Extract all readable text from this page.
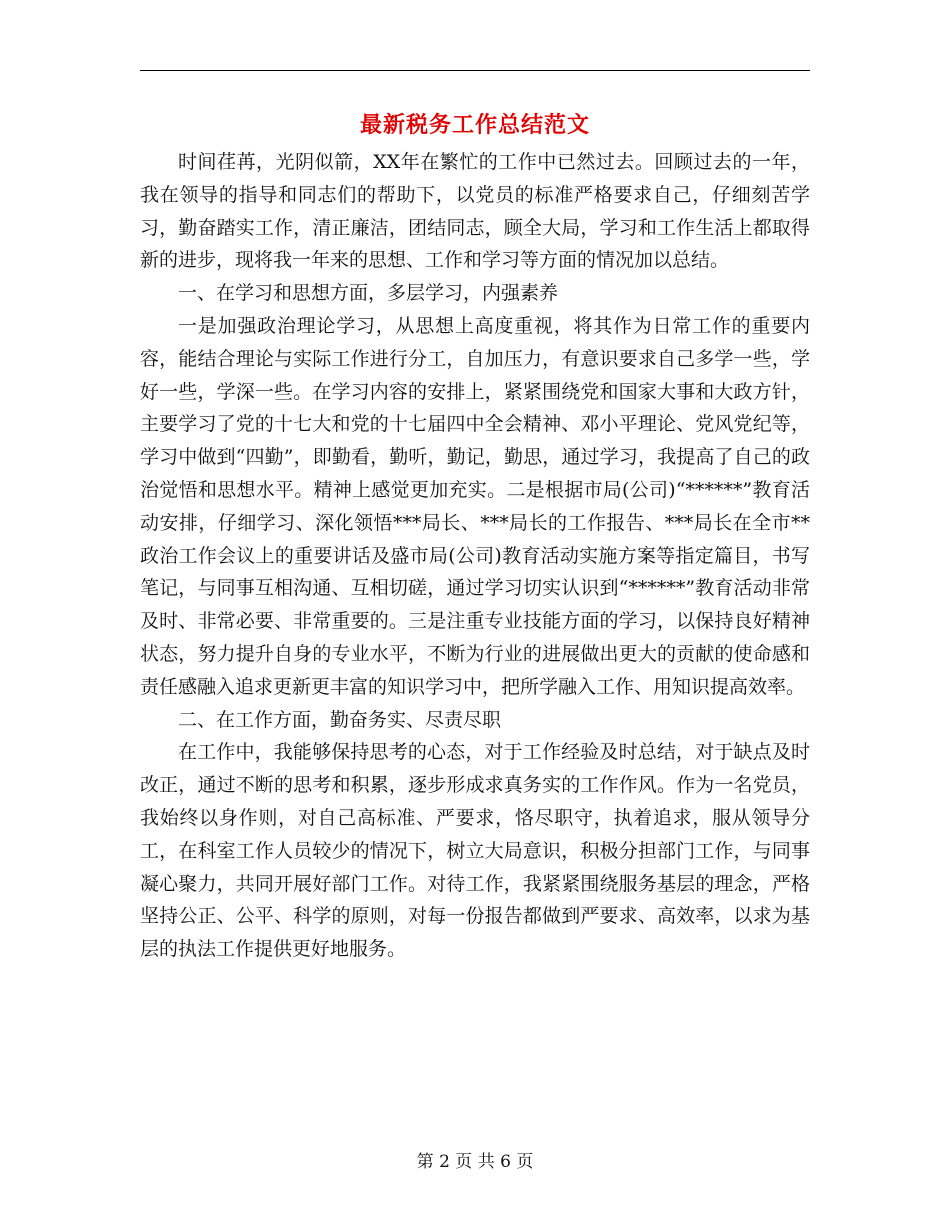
最新税务工作总结范文

时间荏苒，光阴似箭，XX年在繁忙的工作中已然过去。回顾过去的一年，我在领导的指导和同志们的帮助下，以党员的标准严格要求自己，仔细刻苦学习，勤奋踏实工作，清正廉洁，团结同志，顾全大局，学习和工作生活上都取得新的进步，现将我一年来的思想、工作和学习等方面的情况加以总结。

一、在学习和思想方面，多层学习，内强素养

一是加强政治理论学习，从思想上高度重视，将其作为日常工作的重要内容，能结合理论与实际工作进行分工，自加压力，有意识要求自己多学一些，学好一些，学深一些。在学习内容的安排上，紧紧围绕党和国家大事和大政方针，主要学习了党的十七大和党的十七届四中全会精神、邓小平理论、党风党纪等，学习中做到“四勤”，即勤看，勤听，勤记，勤思，通过学习，我提高了自己的政治觉悟和思想水平。精神上感觉更加充实。二是根据市局(公司)“******”教育活动安排，仔细学习、深化领悟***局长、***局长的工作报告、***局长在全市**政治工作会议上的重要讲话及盛市局(公司)教育活动实施方案等指定篇目，书写笔记，与同事互相沟通、互相切磋，通过学习切实认识到“******”教育活动非常及时、非常必要、非常重要的。三是注重专业技能方面的学习，以保持良好精神状态，努力提升自身的专业水平，不断为行业的进展做出更大的贡献的使命感和责任感融入追求更新更丰富的知识学习中，把所学融入工作、用知识提高效率。

二、在工作方面，勤奋务实、尽责尽职

在工作中，我能够保持思考的心态，对于工作经验及时总结，对于缺点及时改正，通过不断的思考和积累，逐步形成求真务实的工作作风。作为一名党员，我始终以身作则，对自己高标准、严要求，恪尽职守，执着追求，服从领导分工，在科室工作人员较少的情况下，树立大局意识，积极分担部门工作，与同事凝心聚力，共同开展好部门工作。对待工作，我紧紧围绕服务基层的理念，严格坚持公正、公平、科学的原则，对每一份报告都做到严要求、高效率，以求为基层的执法工作提供更好地服务。

第 2 页 共 6 页
